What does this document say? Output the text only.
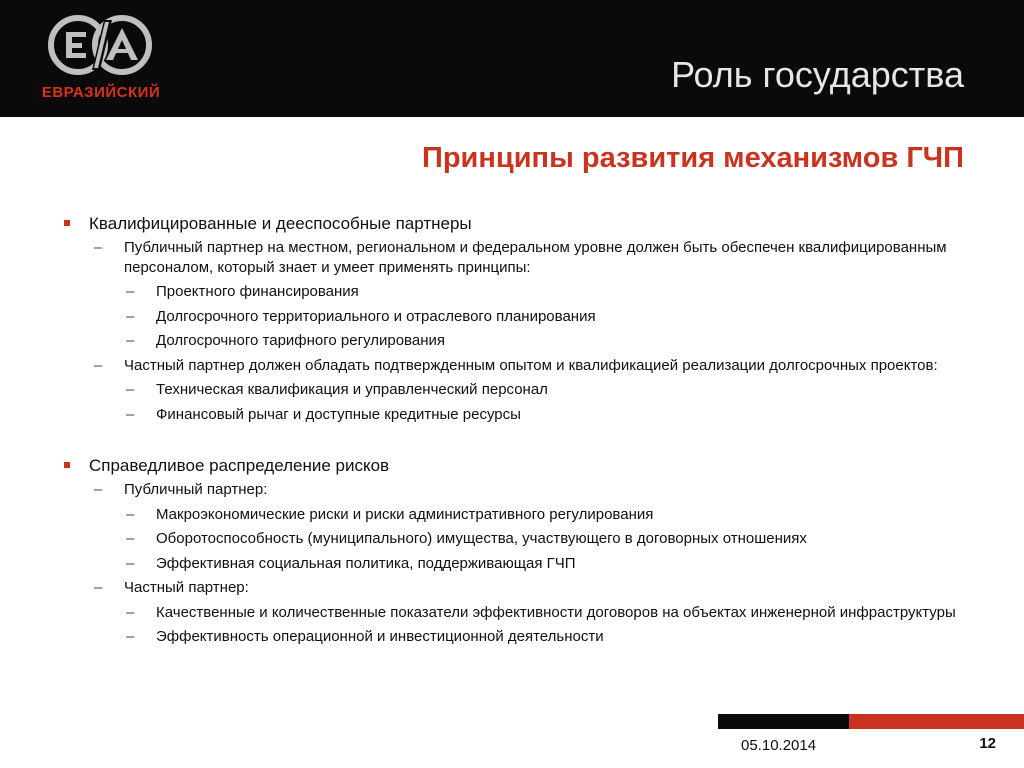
ЕВРАЗИЙСКИЙ	Роль государства
Принципы развития механизмов ГЧП
Квалифицированные и дееспособные партнеры
– Публичный партнер на местном, региональном и федеральном уровне должен быть обеспечен квалифицированным персоналом, который знает и умеет применять принципы:
– Проектного финансирования
– Долгосрочного территориального и отраслевого планирования
– Долгосрочного тарифного регулирования
– Частный партнер должен обладать подтвержденным опытом и квалификацией реализации долгосрочных проектов:
– Техническая квалификация и управленческий персонал
– Финансовый рычаг и доступные кредитные ресурсы
Справедливое распределение рисков
– Публичный партнер:
– Макроэкономические риски и риски административного регулирования
– Оборотоспособность (муниципального) имущества, участвующего в договорных отношениях
– Эффективная социальная политика, поддерживающая ГЧП
– Частный партнер:
– Качественные и количественные показатели эффективности договоров на объектах инженерной инфраструктуры
– Эффективность операционной и инвестиционной деятельности
05.10.2014	12
